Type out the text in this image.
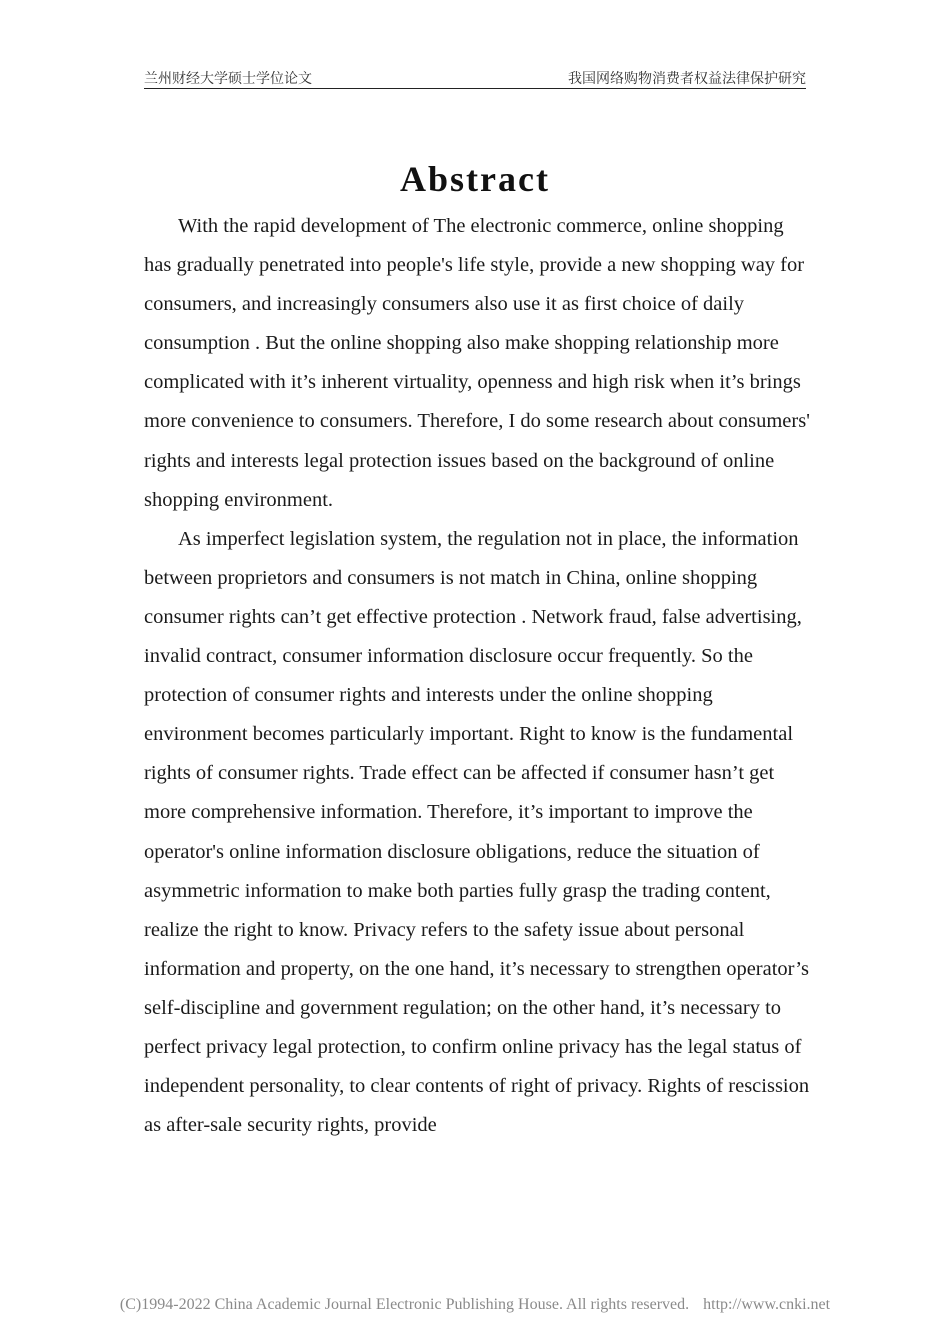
兰州财经大学硕士学位论文	我国网络购物消费者权益法律保护研究
Abstract

With the rapid development of The electronic commerce, online shopping has gradually penetrated into people's life style, provide a new shopping way for consumers, and increasingly consumers also use it as first choice of daily consumption . But the online shopping also make shopping relationship more complicated with it’s inherent virtuality, openness and high risk when it’s brings more convenience to consumers. Therefore, I do some research about consumers' rights and interests legal protection issues based on the background of online shopping environment.

As imperfect legislation system, the regulation not in place, the information between proprietors and consumers is not match in China, online shopping consumer rights can’t get effective protection . Network fraud, false advertising, invalid contract, consumer information disclosure occur frequently. So the protection of consumer rights and interests under the online shopping environment becomes particularly important. Right to know is the fundamental rights of consumer rights. Trade effect can be affected if consumer hasn’t get more comprehensive information. Therefore, it’s important to improve the operator's online information disclosure obligations, reduce the situation of asymmetric information to make both parties fully grasp the trading content, realize the right to know. Privacy refers to the safety issue about personal information and property, on the one hand, it’s necessary to strengthen operator’s self-discipline and government regulation; on the other hand, it’s necessary to perfect privacy legal protection, to confirm online privacy has the legal status of independent personality, to clear contents of right of privacy. Rights of rescission as after-sale security rights, provide

(C)1994-2022 China Academic Journal Electronic Publishing House. All rights reserved. http://www.cnki.net
